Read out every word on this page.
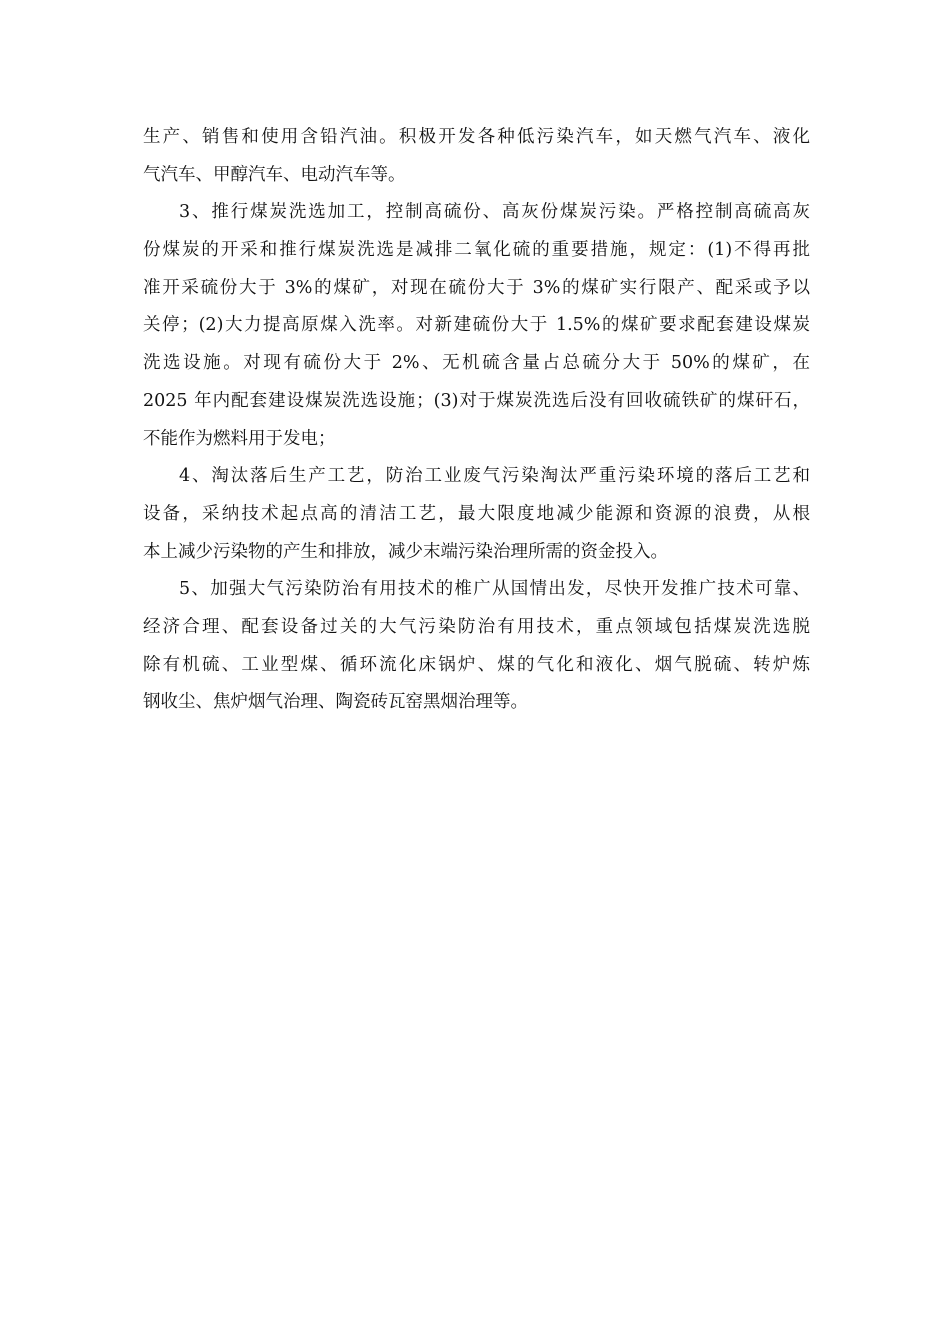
生产、销售和使用含铅汽油。积极开发各种低污染汽车，如天燃气汽车、液化
气汽车、甲醇汽车、电动汽车等。
3、推行煤炭洗选加工，控制高硫份、高灰份煤炭污染。严格控制高硫高灰
份煤炭的开采和推行煤炭洗选是减排二氧化硫的重要措施，规定：(1)不得再批
准开采硫份大于 3%的煤矿，对现在硫份大于 3%的煤矿实行限产、配采或予以
关停；(2)大力提高原煤入洗率。对新建硫份大于 1.5%的煤矿要求配套建设煤炭
洗选设施。对现有硫份大于 2%、无机硫含量占总硫分大于 50%的煤矿，在
2025 年内配套建设煤炭洗选设施；(3)对于煤炭洗选后没有回收硫铁矿的煤矸石，
不能作为燃料用于发电；
4、淘汰落后生产工艺，防治工业废气污染淘汰严重污染环境的落后工艺和
设备，采纳技术起点高的清洁工艺，最大限度地减少能源和资源的浪费，从根
本上减少污染物的产生和排放，减少末端污染治理所需的资金投入。
5、加强大气污染防治有用技术的椎广从国情出发，尽快开发推广技术可靠、
经济合理、配套设备过关的大气污染防治有用技术，重点领域包括煤炭洗选脱
除有机硫、工业型煤、循环流化床锅炉、煤的气化和液化、烟气脱硫、转炉炼
钢收尘、焦炉烟气治理、陶瓷砖瓦窑黑烟治理等。
